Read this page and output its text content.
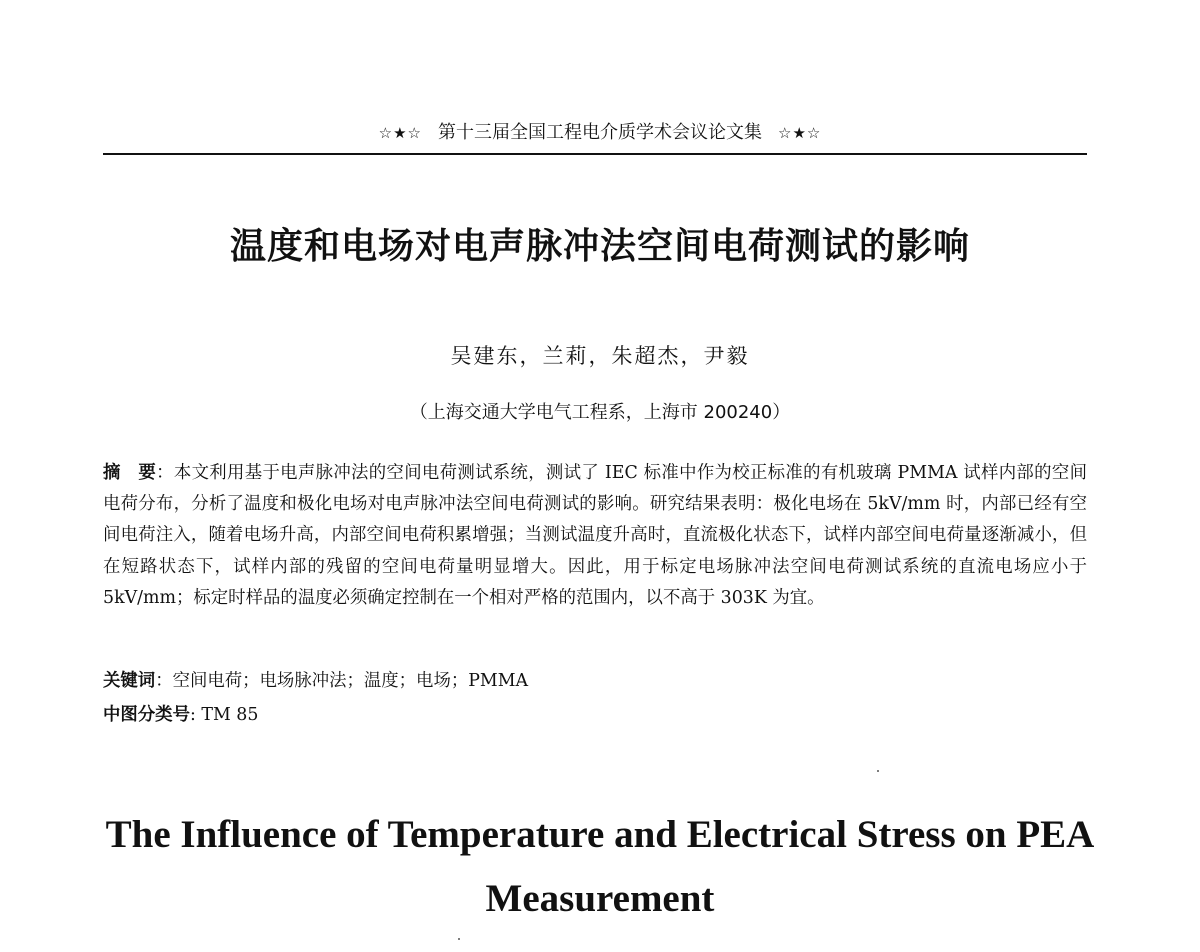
☆★☆ 第十三届全国工程电介质学术会议论文集 ☆★☆
温度和电场对电声脉冲法空间电荷测试的影响
吴建东，兰莉，朱超杰，尹毅
（上海交通大学电气工程系，上海市 200240）
摘　要：本文利用基于电声脉冲法的空间电荷测试系统，测试了 IEC 标准中作为校正标准的有机玻璃 PMMA 试样内部的空间电荷分布，分析了温度和极化电场对电声脉冲法空间电荷测试的影响。研究结果表明：极化电场在 5kV/mm 时，内部已经有空间电荷注入，随着电场升高，内部空间电荷积累增强；当测试温度升高时，直流极化状态下，试样内部空间电荷量逐渐减小，但在短路状态下，试样内部的残留的空间电荷量明显增大。因此，用于标定电场脉冲法空间电荷测试系统的直流电场应小于 5kV/mm；标定时样品的温度必须确定控制在一个相对严格的范围内，以不高于 303K 为宜。
关键词：空间电荷；电场脉冲法；温度；电场；PMMA
中图分类号: TM 85
The Influence of Temperature and Electrical Stress on PEA
Measurement
